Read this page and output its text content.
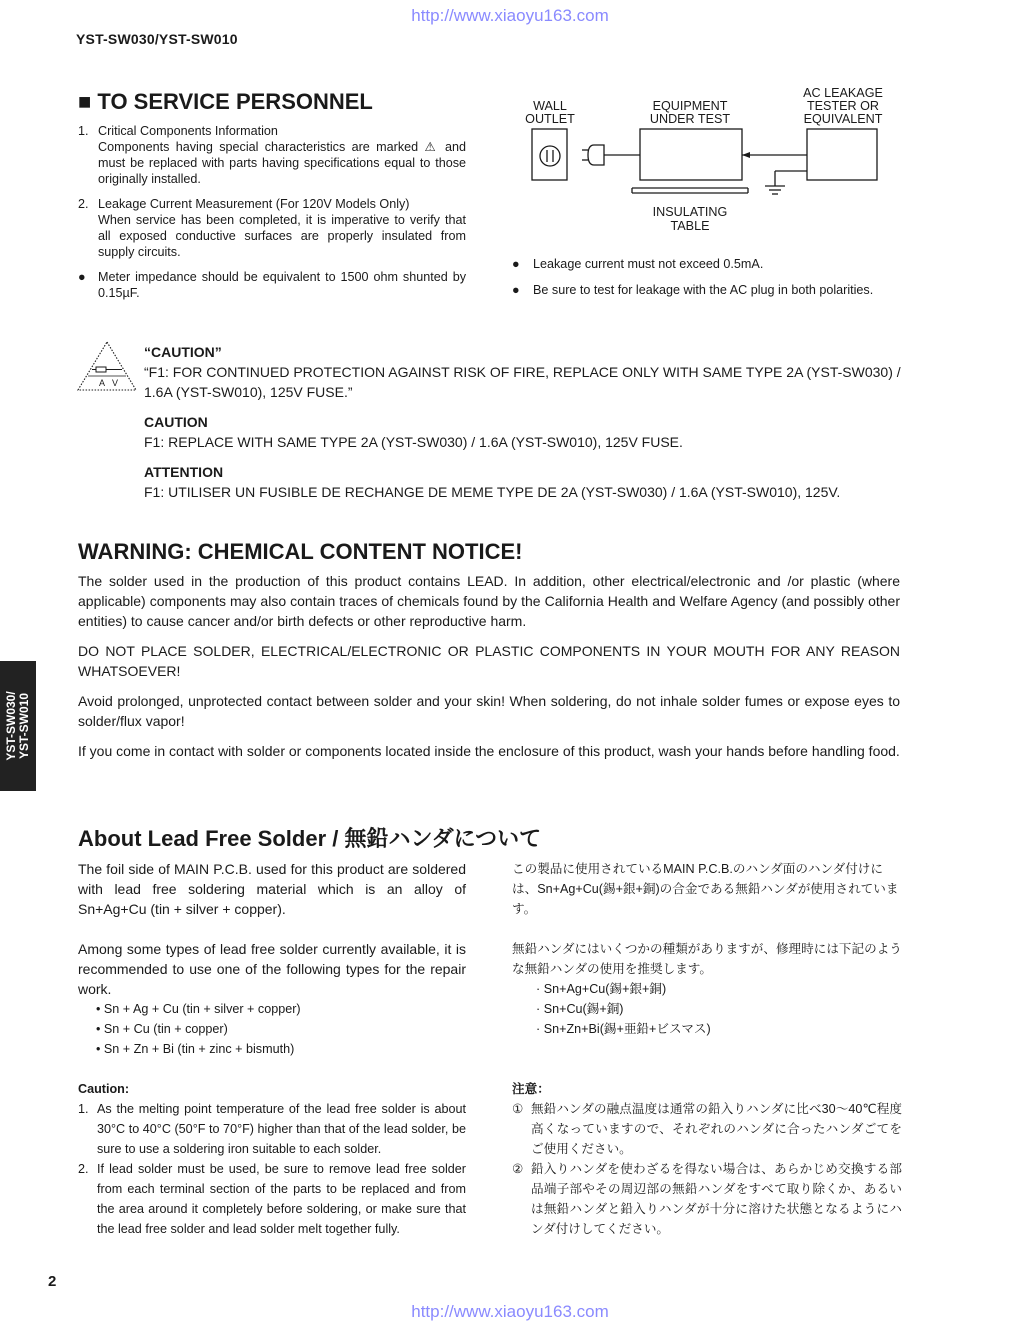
http://www.xiaoyu163.com
YST-SW030/YST-SW010
YST-SW030/ YST-SW010
■ TO SERVICE PERSONNEL
1. Critical Components Information
Components having special characteristics are marked ⚠ and must be replaced with parts having specifications equal to those originally installed.
2. Leakage Current Measurement (For 120V Models Only)
When service has been completed, it is imperative to verify that all exposed conductive surfaces are properly insulated from supply circuits.
● Meter impedance should be equivalent to 1500 ohm shunted by 0.15µF.
WALL
OUTLET
EQUIPMENT
UNDER TEST
AC LEAKAGE
TESTER OR
EQUIVALENT
INSULATING
TABLE
● Leakage current must not exceed 0.5mA.
● Be sure to test for leakage with the AC plug in both polarities.
A V
“CAUTION”
“F1: FOR CONTINUED PROTECTION AGAINST RISK OF FIRE, REPLACE ONLY WITH SAME TYPE 2A (YST-SW030) / 1.6A (YST-SW010), 125V FUSE.”
CAUTION
F1: REPLACE WITH SAME TYPE 2A (YST-SW030) / 1.6A (YST-SW010), 125V FUSE.
ATTENTION
F1: UTILISER UN FUSIBLE DE RECHANGE DE MEME TYPE DE 2A (YST-SW030) / 1.6A (YST-SW010), 125V.
WARNING: CHEMICAL CONTENT NOTICE!

The solder used in the production of this product contains LEAD. In addition, other electrical/electronic and /or plastic (where applicable) components may also contain traces of chemicals found by the California Health and Welfare Agency (and possibly other entities) to cause cancer and/or birth defects or other reproductive harm.

DO NOT PLACE SOLDER, ELECTRICAL/ELECTRONIC OR PLASTIC COMPONENTS IN YOUR MOUTH FOR ANY REASON WHATSOEVER!

Avoid prolonged, unprotected contact between solder and your skin! When soldering, do not inhale solder fumes or expose eyes to solder/flux vapor!

If you come in contact with solder or components located inside the enclosure of this product, wash your hands before handling food.

About Lead Free Solder / 無鉛ハンダについて

The foil side of MAIN P.C.B. used for this product are soldered with lead free soldering material which is an alloy of Sn+Ag+Cu (tin + silver + copper).

Among some types of lead free solder currently available, it is recommended to use one of the following types for the repair work.

• Sn + Ag + Cu (tin + silver + copper)
• Sn + Cu (tin + copper)
• Sn + Zn + Bi (tin + zinc + bismuth)
Caution:
1. As the melting point temperature of the lead free solder is about 30°C to 40°C (50°F to 70°F) higher than that of the lead solder, be sure to use a soldering iron suitable to each solder.
2. If lead solder must be used, be sure to remove lead free solder from each terminal section of the parts to be replaced and from the area around it completely before soldering, or make sure that the lead free solder and lead solder melt together fully.

この製品に使用されているMAIN P.C.B.のハンダ面のハンダ付けには、Sn+Ag+Cu(錫+銀+銅)の合金である無鉛ハンダが使用されています。

無鉛ハンダにはいくつかの種類がありますが、修理時には下記のような無鉛ハンダの使用を推奨します。

· Sn+Ag+Cu(錫+銀+銅)
· Sn+Cu(錫+銅)
· Sn+Zn+Bi(錫+亜鉛+ビスマス)
注意：
① 無鉛ハンダの融点温度は通常の鉛入りハンダに比べ30〜40℃程度高くなっていますので、それぞれのハンダに合ったハンダごてをご使用ください。
② 鉛入りハンダを使わざるを得ない場合は、あらかじめ交換する部品端子部やその周辺部の無鉛ハンダをすべて取り除くか、あるいは無鉛ハンダと鉛入りハンダが十分に溶けた状態となるようにハンダ付けしてください。
2
http://www.xiaoyu163.com
